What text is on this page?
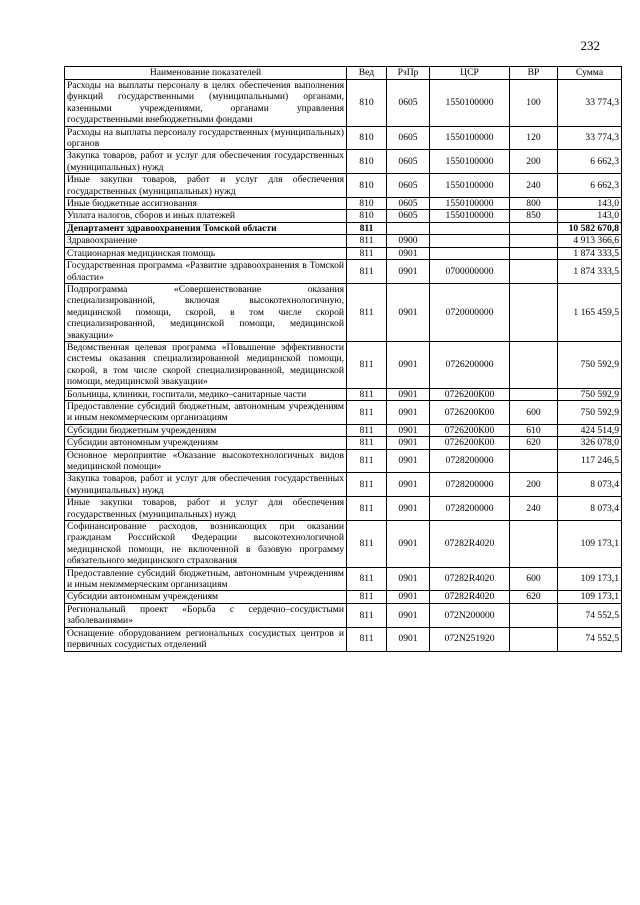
232
Наименование показателей	Вед	РзПр	ЦСР	ВР	Сумма
Расходы на выплаты персоналу в целях обеспечения выполнения функций государственными (муниципальными) органами, казенными учреждениями, органами управления государственными внебюджетными фондами	810	0605	1550100000	100	33 774,3
Расходы на выплаты персоналу государственных (муниципальных) органов	810	0605	1550100000	120	33 774,3
Закупка товаров, работ и услуг для обеспечения государственных (муниципальных) нужд	810	0605	1550100000	200	6 662,3
Иные закупки товаров, работ и услуг для обеспечения государственных (муниципальных) нужд	810	0605	1550100000	240	6 662,3
Иные бюджетные ассигнования	810	0605	1550100000	800	143,0
Уплата налогов, сборов и иных платежей	810	0605	1550100000	850	143,0
Департамент здравоохранения Томской области	811				10 582 670,8
Здравоохранение	811	0900			4 913 366,6
Стационарная медицинская помощь	811	0901			1 874 333,5
Государственная программа «Развитие здравоохранения в Томской области»	811	0901	0700000000		1 874 333,5
Подпрограмма «Совершенствование оказания специализированной, включая высокотехнологичную, медицинской помощи, скорой, в том числе скорой специализированной, медицинской помощи, медицинской эвакуации»	811	0901	0720000000		1 165 459,5
Ведомственная целевая программа «Повышение эффективности системы оказания специализированной медицинской помощи, скорой, в том числе скорой специализированной, медицинской помощи, медицинской эвакуации»	811	0901	0726200000		750 592,9
Больницы, клиники, госпитали, медико–санитарные части	811	0901	0726200К00		750 592,9
Предоставление субсидий бюджетным, автономным учреждениям и иным некоммерческим организациям	811	0901	0726200К00	600	750 592,9
Субсидии бюджетным учреждениям	811	0901	0726200К00	610	424 514,9
Субсидии автономным учреждениям	811	0901	0726200К00	620	326 078,0
Основное мероприятие «Оказание высокотехнологичных видов медицинской помощи»	811	0901	0728200000		117 246,5
Закупка товаров, работ и услуг для обеспечения государственных (муниципальных) нужд	811	0901	0728200000	200	8 073,4
Иные закупки товаров, работ и услуг для обеспечения государственных (муниципальных) нужд	811	0901	0728200000	240	8 073,4
Софинансирование расходов, возникающих при оказании гражданам Российской Федерации высокотехнологичной медицинской помощи, не включенной в базовую программу обязательного медицинского страхования	811	0901	07282R4020		109 173,1
Предоставление субсидий бюджетным, автономным учреждениям и иным некоммерческим организациям	811	0901	07282R4020	600	109 173,1
Субсидии автономным учреждениям	811	0901	07282R4020	620	109 173,1
Региональный проект «Борьба с сердечно–сосудистыми заболеваниями»	811	0901	072N200000		74 552,5
Оснащение оборудованием региональных сосудистых центров и первичных сосудистых отделений	811	0901	072N251920		74 552,5
